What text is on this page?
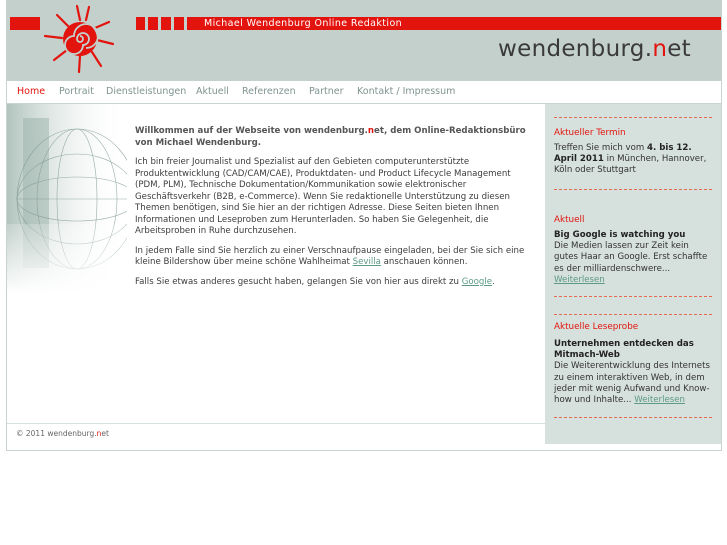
Michael Wendenburg Online Redaktion
wendenburg.net
Home Portrait Dienstleistungen Aktuell Referenzen Partner Kontakt / Impressum

Willkommen auf der Webseite von wendenburg.net, dem Online-Redaktionsbüro von Michael Wendenburg.

Ich bin freier Journalist und Spezialist auf den Gebieten computerunterstützte Produktentwicklung (CAD/CAM/CAE), Produktdaten- und Product Lifecycle Management (PDM, PLM), Technische Dokumentation/Kommunikation sowie elektronischer Geschäftsverkehr (B2B, e-Commerce). Wenn Sie redaktionelle Unterstützung zu diesen Themen benötigen, sind Sie hier an der richtigen Adresse. Diese Seiten bieten Ihnen Informationen und Leseproben zum Herunterladen. So haben Sie Gelegenheit, die Arbeitsproben in Ruhe durchzusehen.

In jedem Falle sind Sie herzlich zu einer Verschnaufpause eingeladen, bei der Sie sich eine kleine Bildershow über meine schöne Wahlheimat Sevilla anschauen können.

Falls Sie etwas anderes gesucht haben, gelangen Sie von hier aus direkt zu Google.

Aktueller Termin
Treffen Sie mich vom 4. bis 12. April 2011 in München, Hannover, Köln oder Stuttgart
Aktuell
Big Google is watching you
Die Medien lassen zur Zeit kein gutes Haar an Google. Erst schaffte es der milliardenschwere...
Weiterlesen
Aktuelle Leseprobe
Unternehmen entdecken das Mitmach-Web
Die Weiterentwicklung des Internets zu einem interaktiven Web, in dem jeder mit wenig Aufwand und Know-how und Inhalte... Weiterlesen
© 2011 wendenburg.net
